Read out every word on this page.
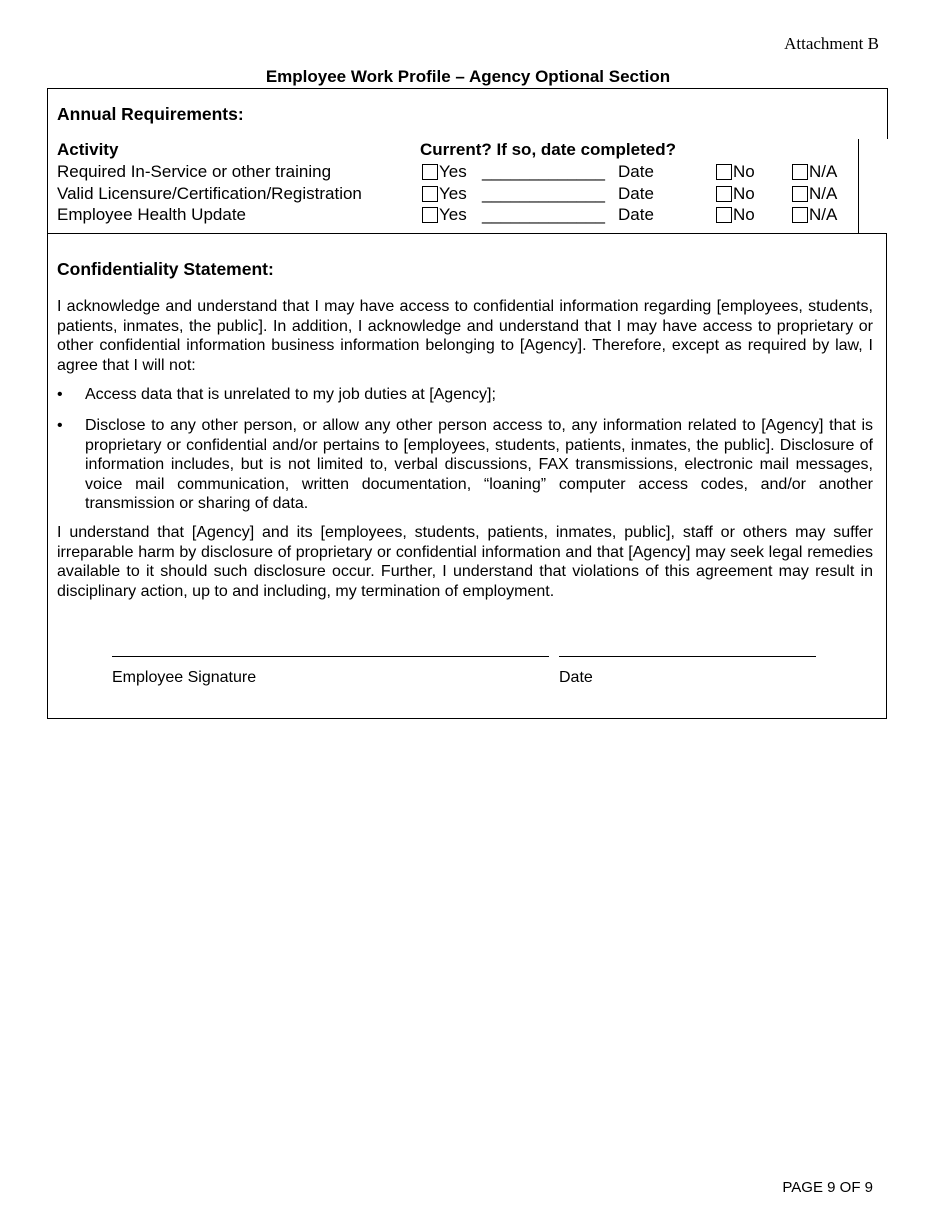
Attachment B
Employee Work Profile – Agency Optional Section
Annual Requirements:
Activity	Current? If so, date completed?
Required In-Service or other training	Yes _____________ Date	No	N/A
Valid Licensure/Certification/Registration	Yes _____________ Date	No	N/A
Employee Health Update	Yes _____________ Date	No	N/A
Confidentiality Statement:
I acknowledge and understand that I may have access to confidential information regarding [employees, students, patients, inmates, the public]. In addition, I acknowledge and understand that I may have access to proprietary or other confidential information business information belonging to [Agency]. Therefore, except as required by law, I agree that I will not:
• Access data that is unrelated to my job duties at [Agency];
• Disclose to any other person, or allow any other person access to, any information related to [Agency] that is proprietary or confidential and/or pertains to [employees, students, patients, inmates, the public]. Disclosure of information includes, but is not limited to, verbal discussions, FAX transmissions, electronic mail messages, voice mail communication, written documentation, “loaning” computer access codes, and/or another transmission or sharing of data.
I understand that [Agency] and its [employees, students, patients, inmates, public], staff or others may suffer irreparable harm by disclosure of proprietary or confidential information and that [Agency] may seek legal remedies available to it should such disclosure occur. Further, I understand that violations of this agreement may result in disciplinary action, up to and including, my termination of employment.
Employee Signature	Date
PAGE 9 OF 9
